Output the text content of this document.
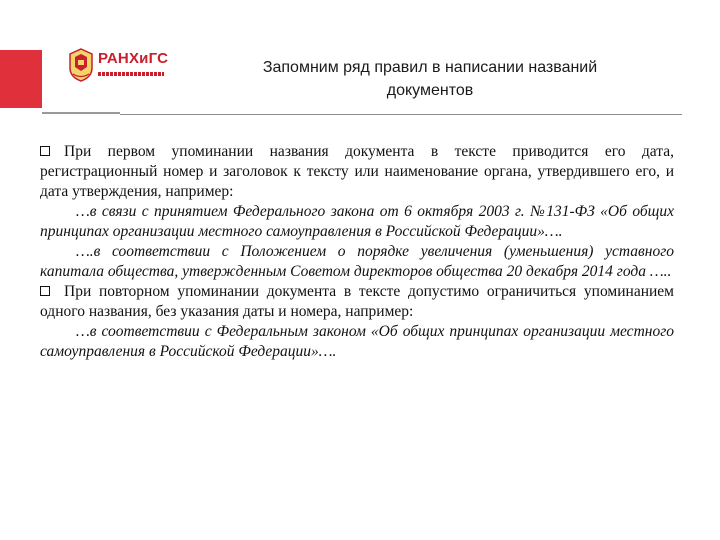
РАНХиГС
Запомним ряд правил в написании названий документов

При первом упоминании названия документа в тексте приводится его дата, регистрационный номер и заголовок к тексту или наименование органа, утвердившего его, и дата утверждения, например:

…в связи с принятием Федерального закона от 6 октября 2003 г. №131-ФЗ «Об общих принципах организации местного самоуправления в Российской Федерации»….

….в соответствии с Положением о порядке увеличения (уменьшения) уставного капитала общества, утвержденным Советом директоров общества 20 декабря 2014 года …..

При повторном упоминании документа в тексте допустимо ограничиться упоминанием одного названия, без указания даты и номера, например:

…в соответствии с Федеральным законом «Об общих принципах организации местного самоуправления в Российской Федерации»….
